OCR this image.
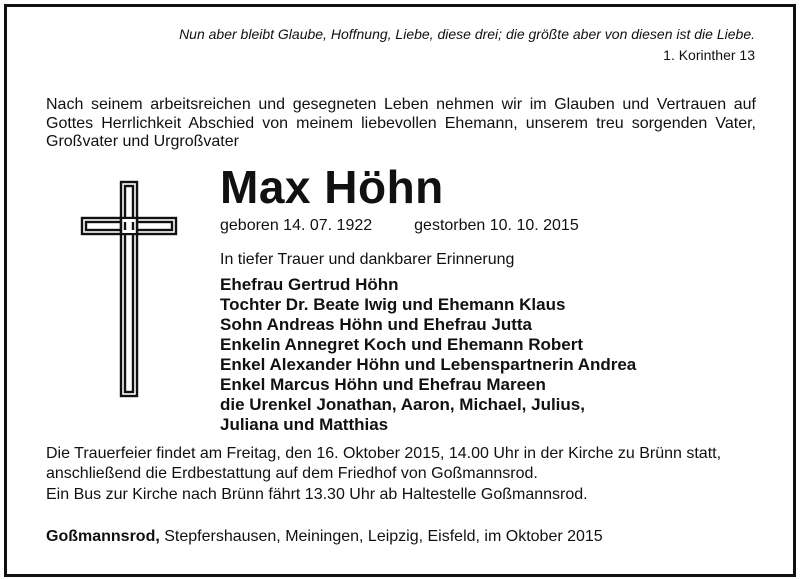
Nun aber bleibt Glaube, Hoffnung, Liebe, diese drei; die größte aber von diesen ist die Liebe.
1. Korinther 13
Nach seinem arbeitsreichen und gesegneten Leben nehmen wir im Glauben und Vertrauen auf Gottes Herrlichkeit Abschied von meinem liebevollen Ehemann, unserem treu sorgenden Vater, Großvater und Urgroßvater
Max Höhn
geboren 14. 07. 1922	gestorben 10. 10. 2015
In tiefer Trauer und dankbarer Erinnerung
Ehefrau Gertrud Höhn
Tochter Dr. Beate Iwig und Ehemann Klaus
Sohn Andreas Höhn und Ehefrau Jutta
Enkelin Annegret Koch und Ehemann Robert
Enkel Alexander Höhn und Lebenspartnerin Andrea
Enkel Marcus Höhn und Ehefrau Mareen
die Urenkel Jonathan, Aaron, Michael, Julius,
Juliana und Matthias
Die Trauerfeier findet am Freitag, den 16. Oktober 2015, 14.00 Uhr in der Kirche zu Brünn statt, anschließend die Erdbestattung auf dem Friedhof von Goßmannsrod.
Ein Bus zur Kirche nach Brünn fährt 13.30 Uhr ab Haltestelle Goßmannsrod.
Goßmannsrod, Stepfershausen, Meiningen, Leipzig, Eisfeld, im Oktober 2015
